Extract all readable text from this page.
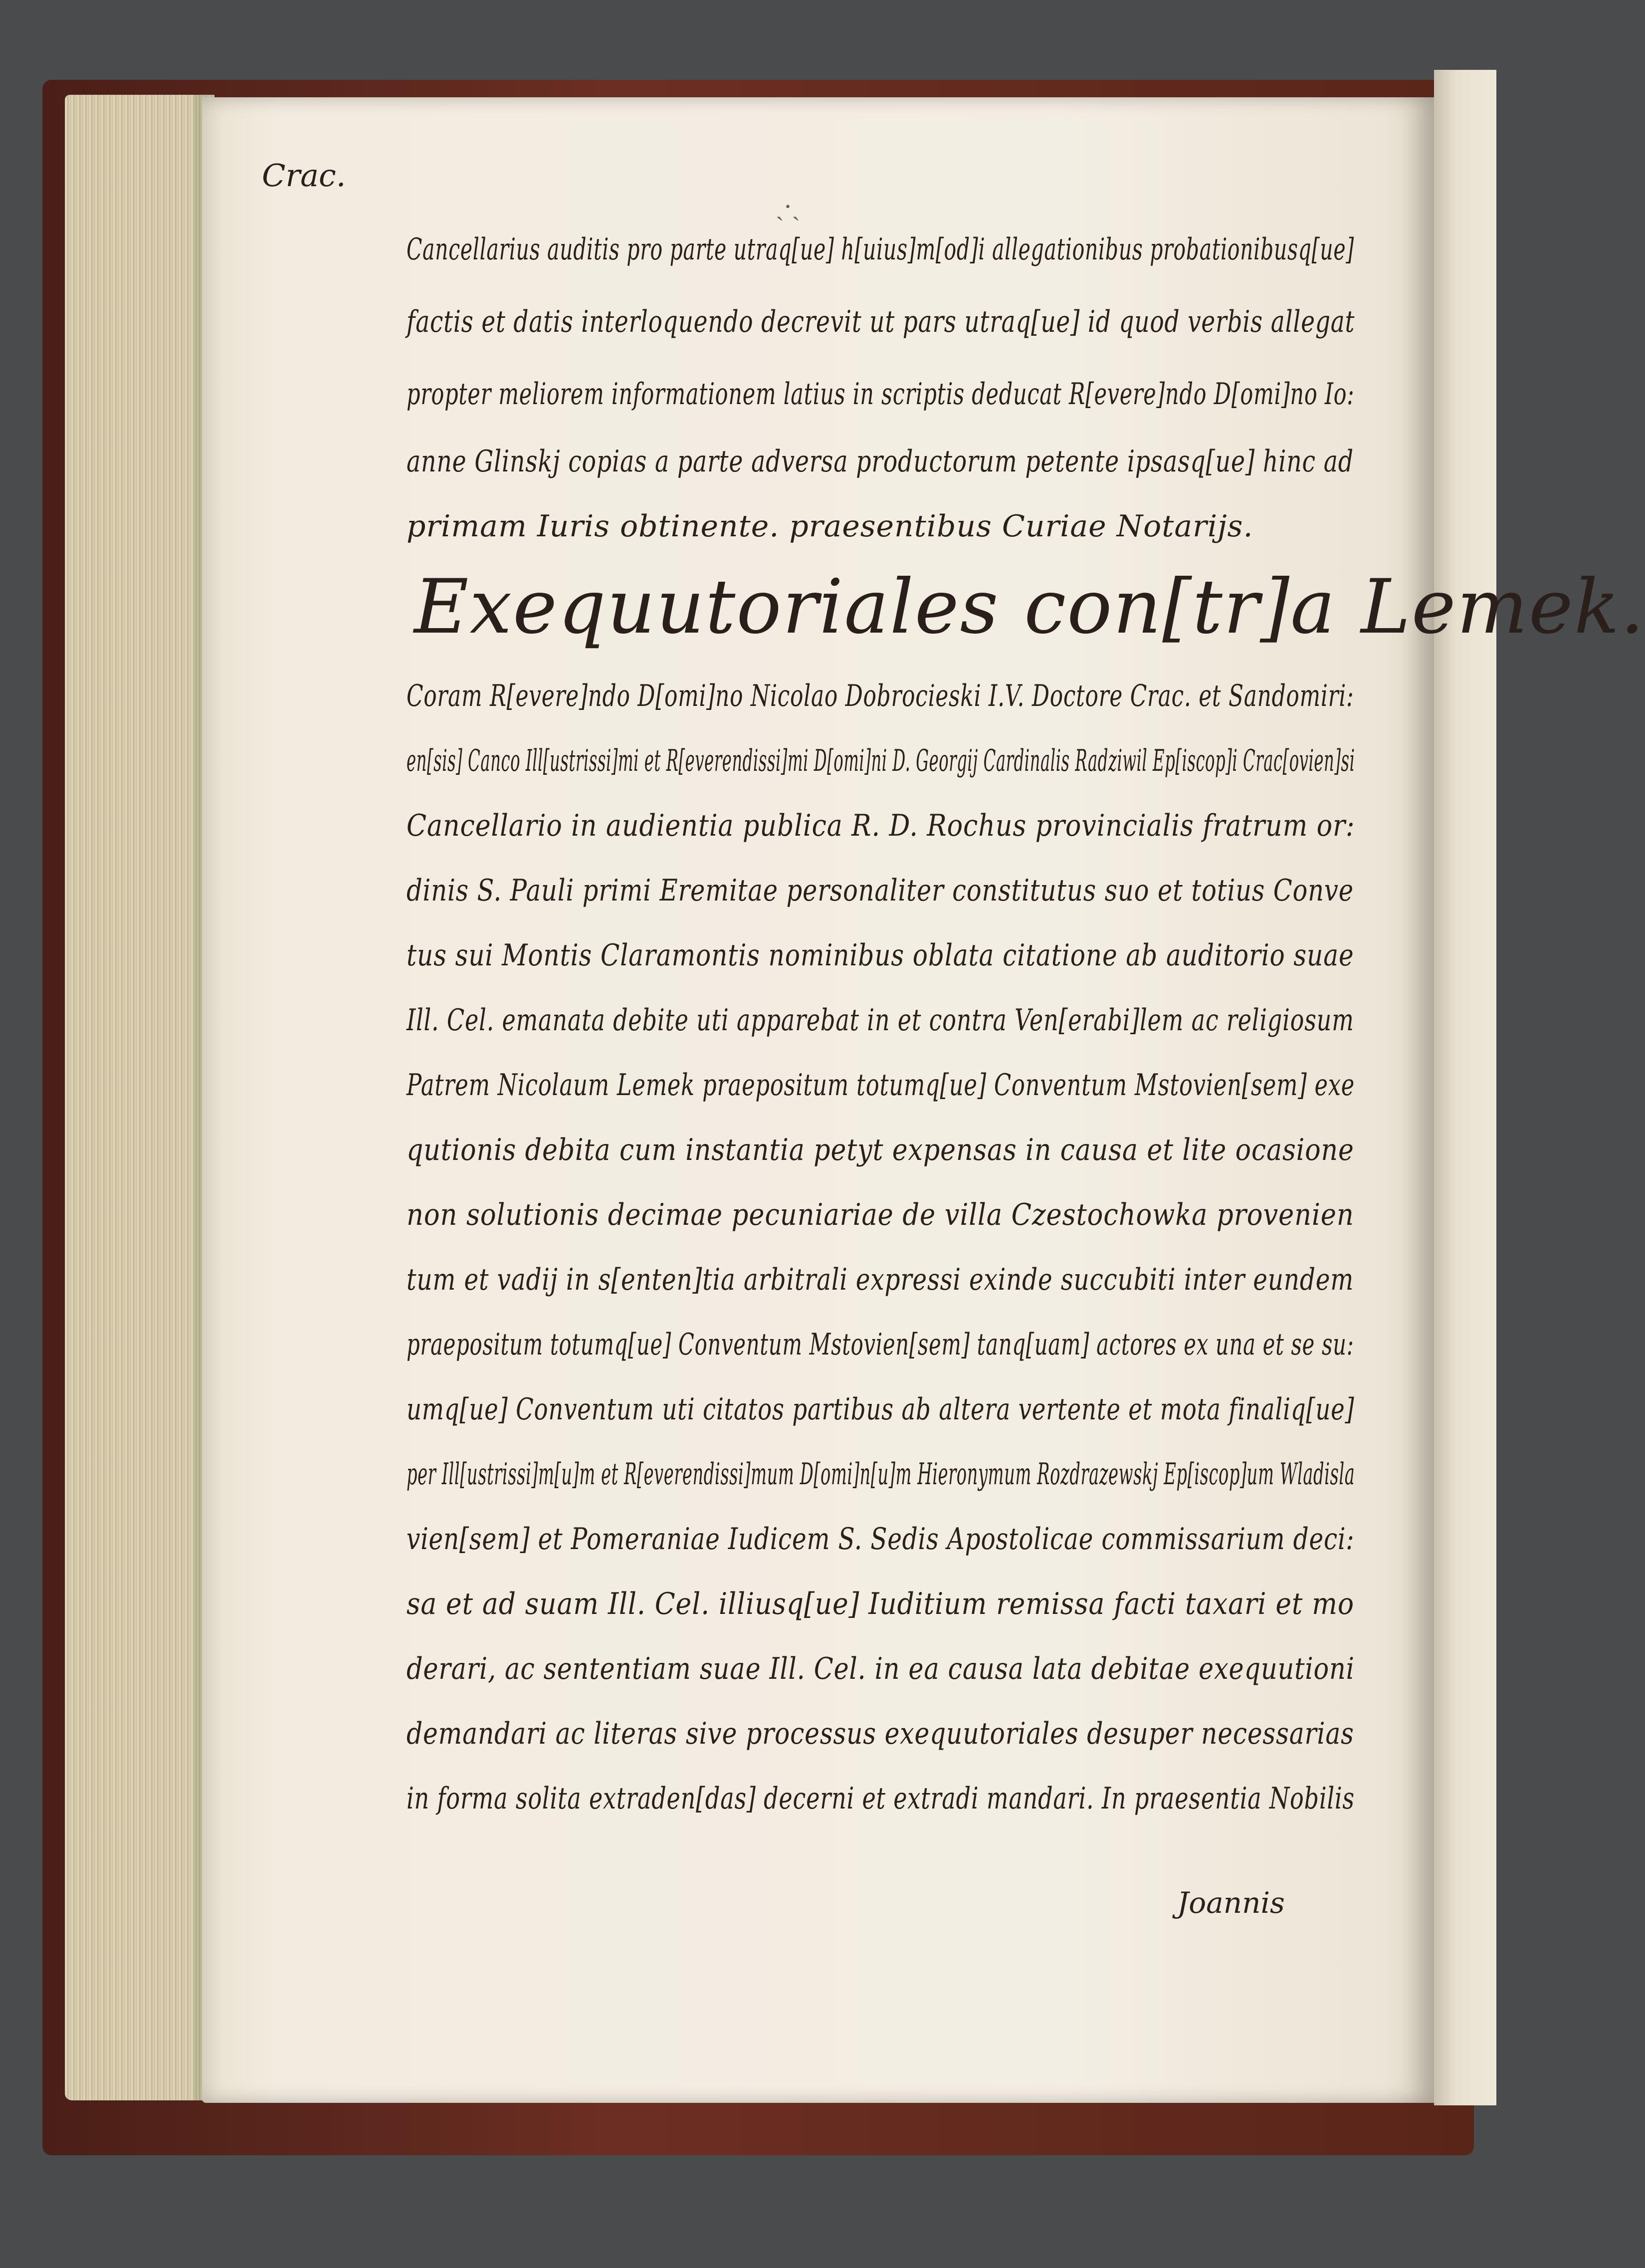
Crac.
ˎ·ˏ
Cancellarius auditis pro parte utraq[ue] h[uius]m[od]i allegationibus probationibusq[ue]
factis et datis interloquendo decrevit ut pars utraq[ue] id quod verbis allegat
propter meliorem informationem latius in scriptis deducat R[evere]ndo D[omi]no Io:
anne Glinskj copias a parte adversa productorum petente ipsasq[ue] hinc ad
primam Iuris obtinente. praesentibus Curiae Notarijs.
Exequutoriales con[tr]a Lemek.
Coram R[evere]ndo D[omi]no Nicolao Dobrocieski I.V. Doctore Crac. et Sandomiri:
en[sis] Canco Ill[ustrissi]mi et R[everendissi]mi D[omi]ni D. Georgij Cardinalis Radziwil Ep[iscop]i Crac[ovien]si
Cancellario in audientia publica R. D. Rochus provincialis fratrum or:
dinis S. Pauli primi Eremitae personaliter constitutus suo et totius Conve
tus sui Montis Claramontis nominibus oblata citatione ab auditorio suae
Ill. Cel. emanata debite uti apparebat in et contra Ven[erabi]lem ac religiosum
Patrem Nicolaum Lemek praepositum totumq[ue] Conventum Mstovien[sem] exe
qutionis debita cum instantia petyt expensas in causa et lite ocasione
non solutionis decimae pecuniariae de villa Czestochowka provenien
tum et vadij in s[enten]tia arbitrali expressi exinde succubiti inter eundem
praepositum totumq[ue] Conventum Mstovien[sem] tanq[uam] actores ex una et se su:
umq[ue] Conventum uti citatos partibus ab altera vertente et mota finaliq[ue]
per Ill[ustrissi]m[u]m et R[everendissi]mum D[omi]n[u]m Hieronymum Rozdrazewskj Ep[iscop]um Wladisla
vien[sem] et Pomeraniae Iudicem S. Sedis Apostolicae commissarium deci:
sa et ad suam Ill. Cel. illiusq[ue] Iuditium remissa facti taxari et mo
derari, ac sententiam suae Ill. Cel. in ea causa lata debitae exequutioni
demandari ac literas sive processus exequutoriales desuper necessarias
in forma solita extraden[das] decerni et extradi mandari. In praesentia Nobilis
Joannis
